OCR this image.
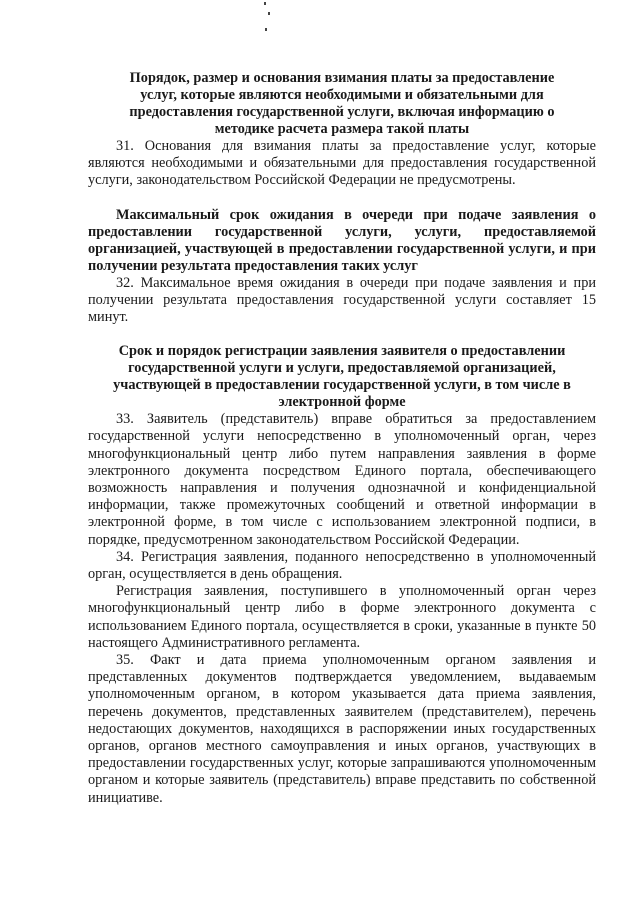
Порядок, размер и основания взимания платы за предоставление услуг, которые являются необходимыми и обязательными для предоставления государственной услуги, включая информацию о методике расчета размера такой платы

31. Основания для взимания платы за предоставление услуг, которые являются необходимыми и обязательными для предоставления государственной услуги, законодательством Российской Федерации не предусмотрены.

Максимальный срок ожидания в очереди при подаче заявления о предоставлении государственной услуги, услуги, предоставляемой организацией, участвующей в предоставлении государственной услуги, и при получении результата предоставления таких услуг

32. Максимальное время ожидания в очереди при подаче заявления и при получении результата предоставления государственной услуги составляет 15 минут.

Срок и порядок регистрации заявления заявителя о предоставлении государственной услуги и услуги, предоставляемой организацией, участвующей в предоставлении государственной услуги, в том числе в электронной форме

33. Заявитель (представитель) вправе обратиться за предоставлением государственной услуги непосредственно в уполномоченный орган, через многофункциональный центр либо путем направления заявления в форме электронного документа посредством Единого портала, обеспечивающего возможность направления и получения однозначной и конфиденциальной информации, также промежуточных сообщений и ответной информации в электронной форме, в том числе с использованием электронной подписи, в порядке, предусмотренном законодательством Российской Федерации.

34. Регистрация заявления, поданного непосредственно в уполномоченный орган, осуществляется в день обращения.

Регистрация заявления, поступившего в уполномоченный орган через многофункциональный центр либо в форме электронного документа с использованием Единого портала, осуществляется в сроки, указанные в пункте 50 настоящего Административного регламента.

35. Факт и дата приема уполномоченным органом заявления и представленных документов подтверждается уведомлением, выдаваемым уполномоченным органом, в котором указывается дата приема заявления, перечень документов, представленных заявителем (представителем), перечень недостающих документов, находящихся в распоряжении иных государственных органов, органов местного самоуправления и иных органов, участвующих в предоставлении государственных услуг, которые запрашиваются уполномоченным органом и которые заявитель (представитель) вправе представить по собственной инициативе.
